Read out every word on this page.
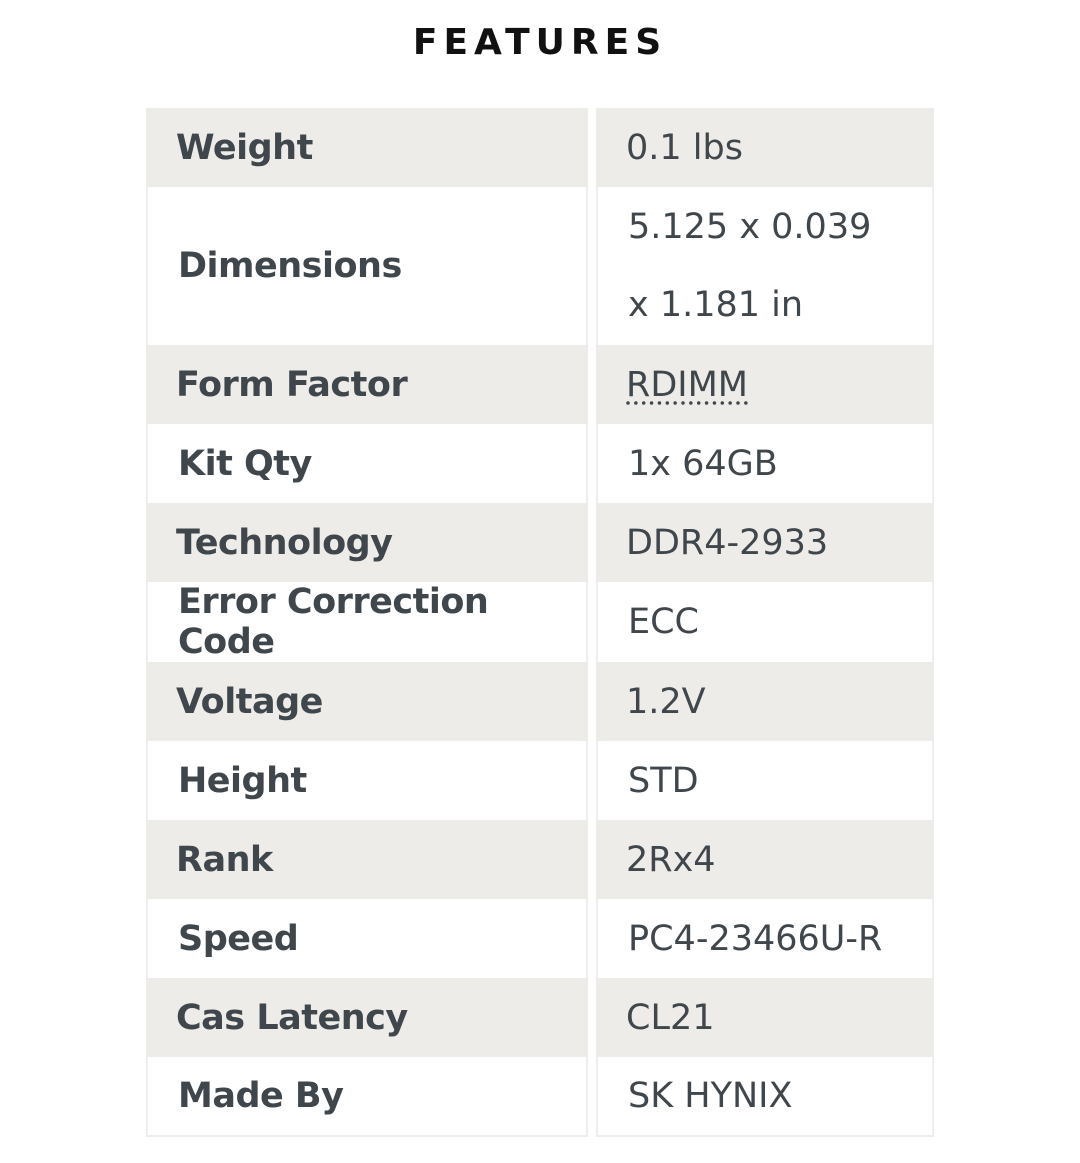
FEATURES
Weight	0.1 lbs
Dimensions	5.125 x 0.039 x 1.181 in
Form Factor	RDIMM
Kit Qty	1x 64GB
Technology	DDR4-2933
Error Correction Code	ECC
Voltage	1.2V
Height	STD
Rank	2Rx4
Speed	PC4-23466U-R
Cas Latency	CL21
Made By	SK HYNIX
